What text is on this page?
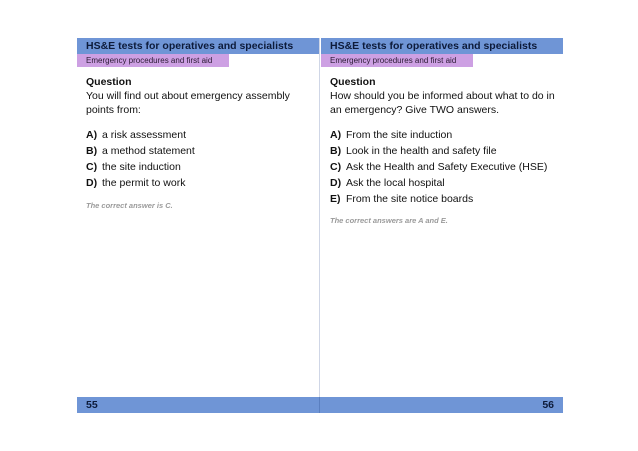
HS&E tests for operatives and specialists
Emergency procedures and first aid
Question
You will find out about emergency assembly points from:
A) a risk assessment
B) a method statement
C) the site induction
D) the permit to work
The correct answer is C.
HS&E tests for operatives and specialists
Emergency procedures and first aid
Question
How should you be informed about what to do in an emergency? Give TWO answers.
A) From the site induction
B) Look in the health and safety file
C) Ask the Health and Safety Executive (HSE)
D) Ask the local hospital
E) From the site notice boards
The correct answers are A and E.
55	56
